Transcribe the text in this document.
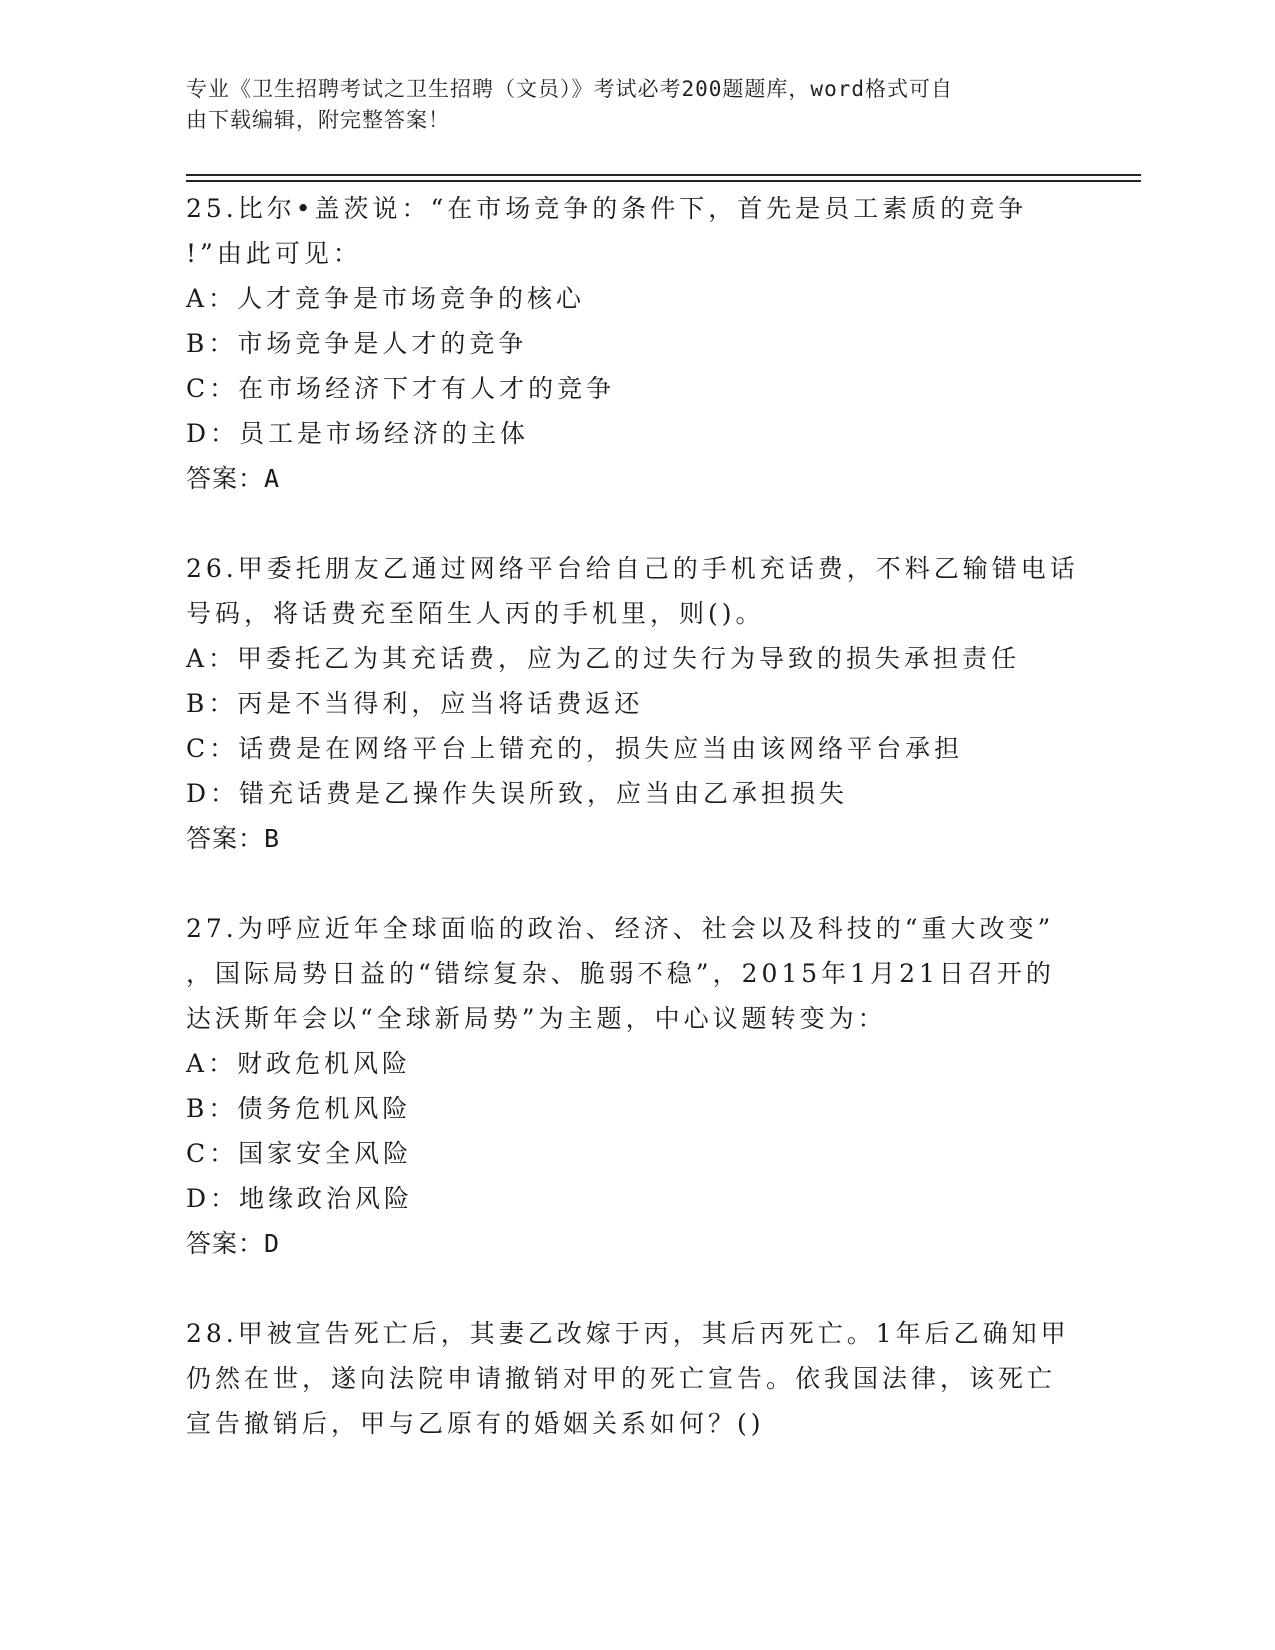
专业《卫生招聘考试之卫生招聘（文员）》考试必考200题题库，word格式可自
由下载编辑，附完整答案！

25.比尔•盖茨说：“在市场竞争的条件下，首先是员工素质的竞争

!”由此可见：

A：人才竞争是市场竞争的核心

B：市场竞争是人才的竞争

C：在市场经济下才有人才的竞争

D：员工是市场经济的主体

答案：A

26.甲委托朋友乙通过网络平台给自己的手机充话费，不料乙输错电话

号码，将话费充至陌生人丙的手机里，则()。

A：甲委托乙为其充话费，应为乙的过失行为导致的损失承担责任

B：丙是不当得利，应当将话费返还

C：话费是在网络平台上错充的，损失应当由该网络平台承担

D：错充话费是乙操作失误所致，应当由乙承担损失

答案：B

27.为呼应近年全球面临的政治、经济、社会以及科技的“重大改变”

，国际局势日益的“错综复杂、脆弱不稳”，2015年1月21日召开的

达沃斯年会以“全球新局势”为主题，中心议题转变为：

A：财政危机风险

B：债务危机风险

C：国家安全风险

D：地缘政治风险

答案：D

28.甲被宣告死亡后，其妻乙改嫁于丙，其后丙死亡。1年后乙确知甲

仍然在世，遂向法院申请撤销对甲的死亡宣告。依我国法律，该死亡

宣告撤销后，甲与乙原有的婚姻关系如何？()
